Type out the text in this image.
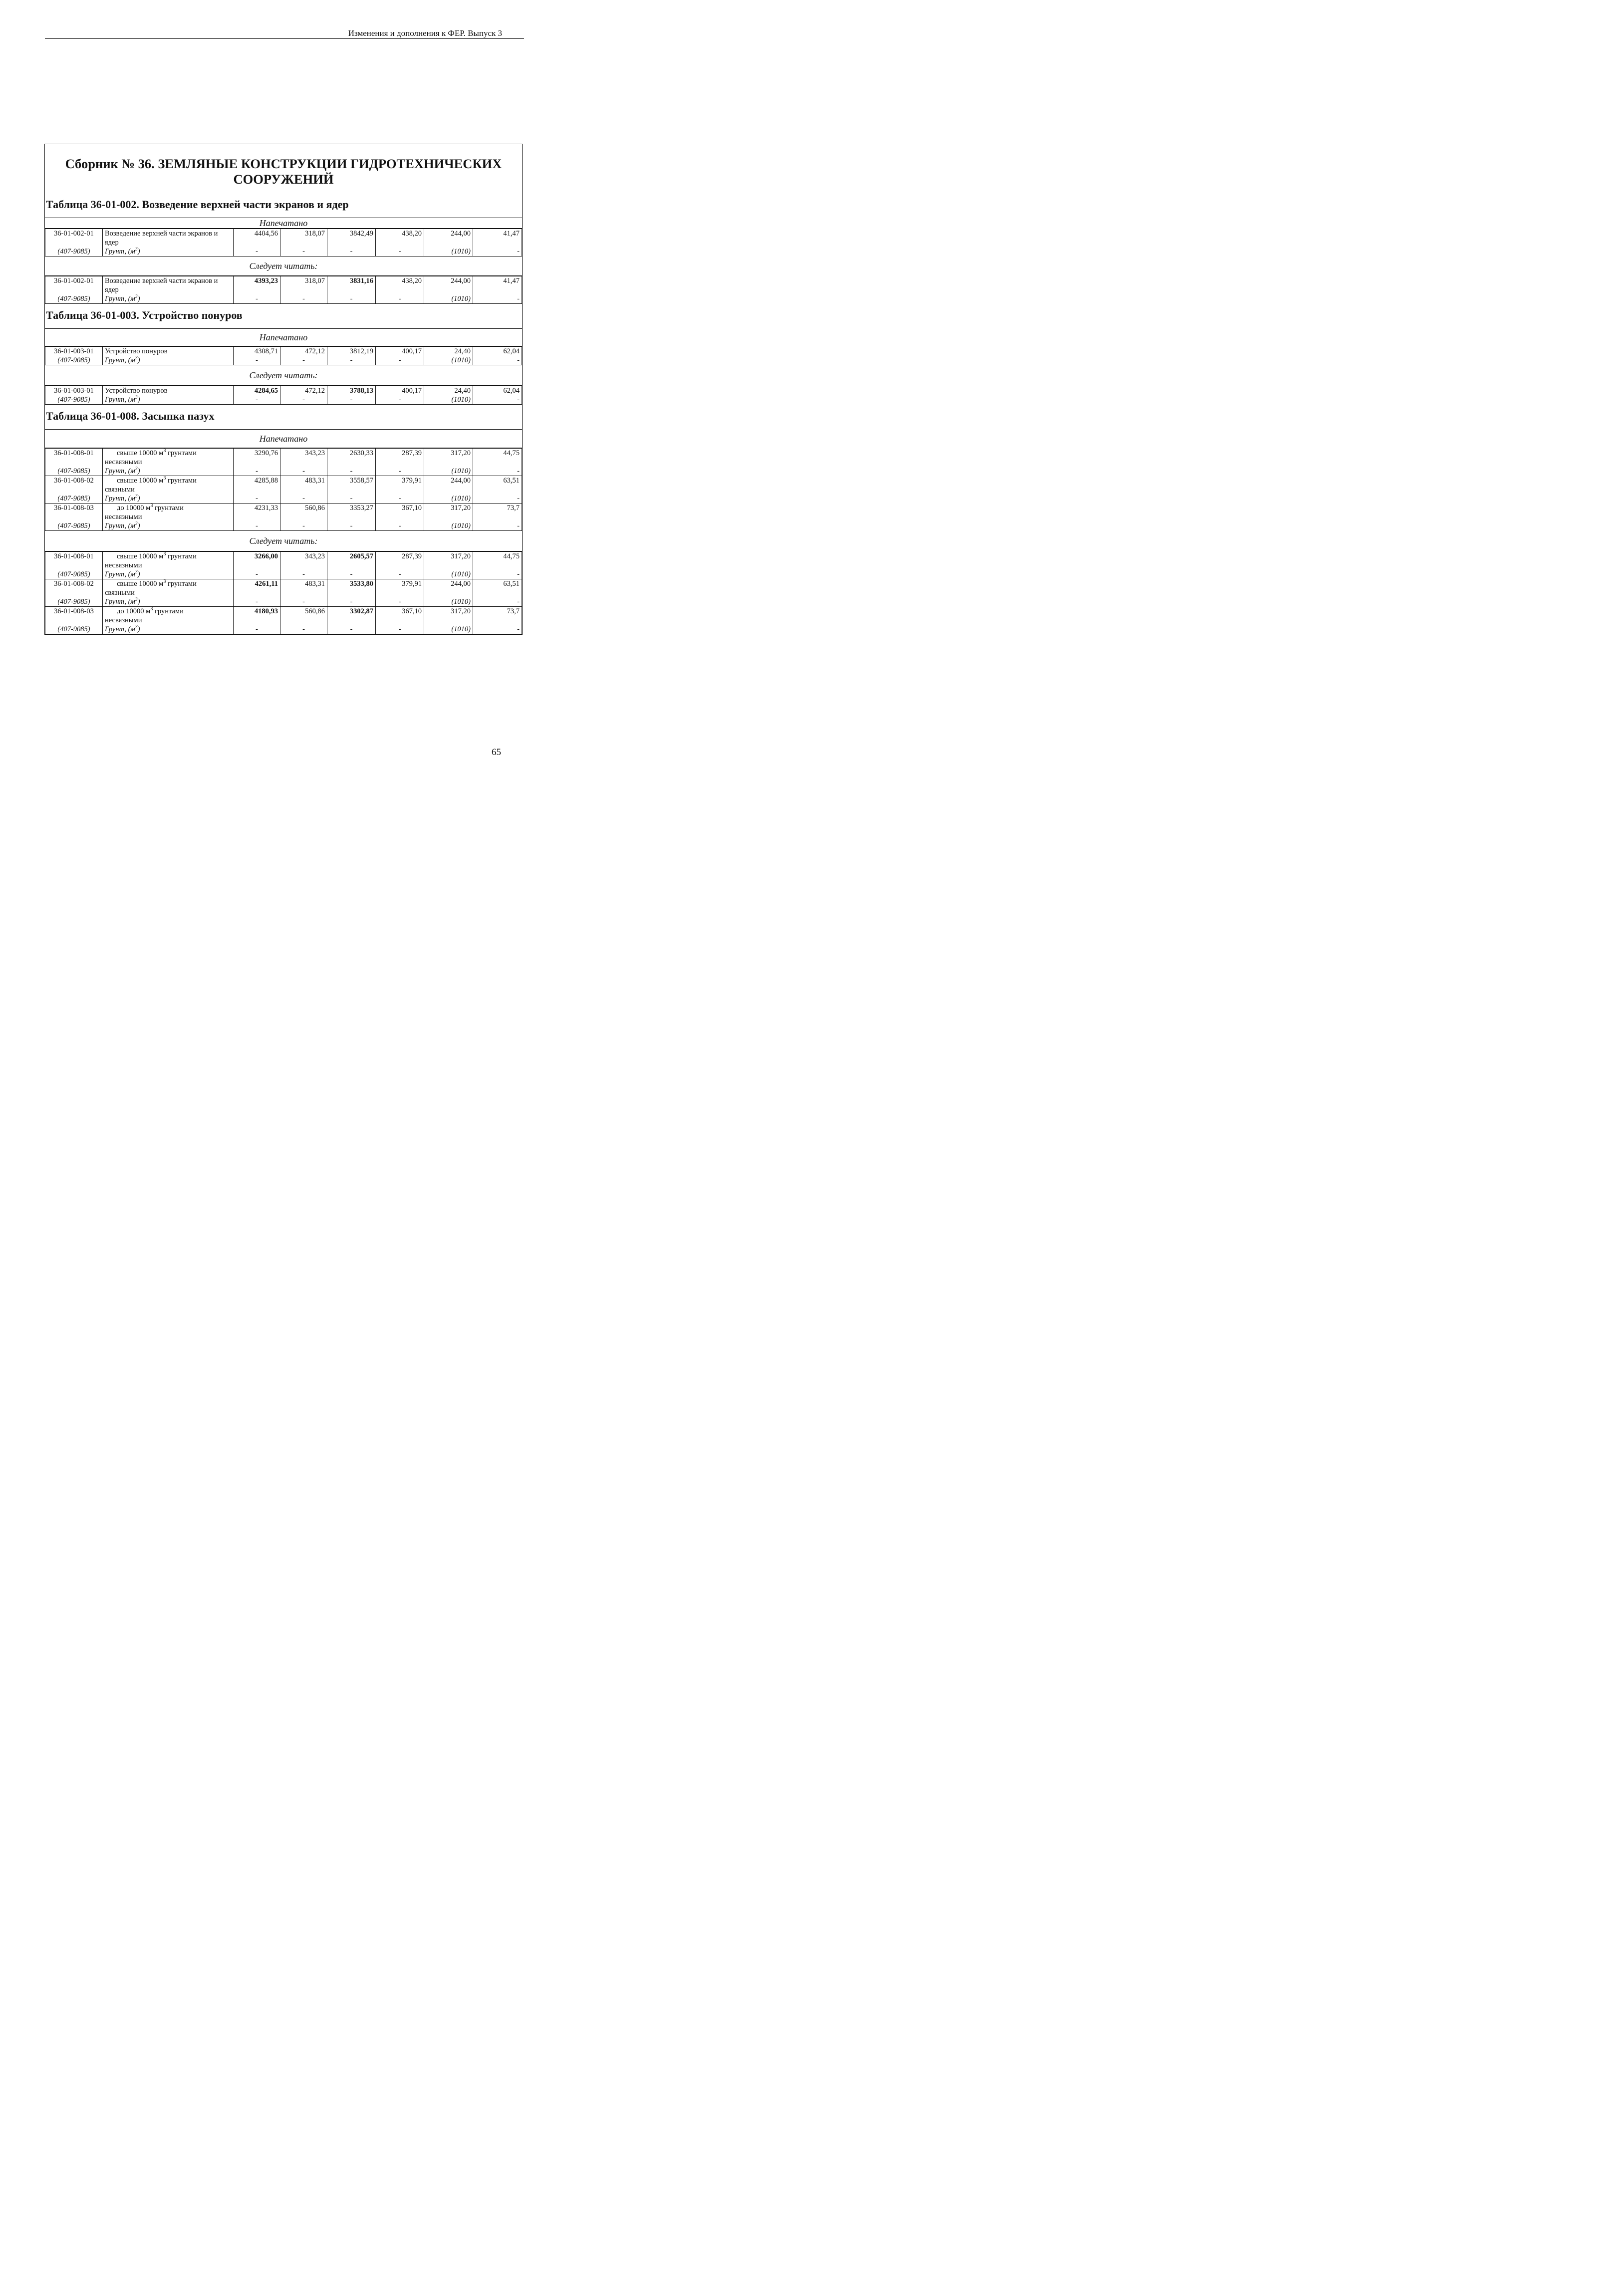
Изменения и дополнения к ФЕР. Выпуск 3
Сборник № 36. ЗЕМЛЯНЫЕ КОНСТРУКЦИИ ГИДРОТЕХНИЧЕСКИХ СООРУЖЕНИЙ
Таблица 36-01-002. Возведение верхней части экранов и ядер
Напечатано
36-01-002-01	Возведение верхней части экранов и ядер	4404,56	318,07	3842,49	438,20	244,00	41,47
(407-9085)	Грунт, $(м^3)$	-	-	-	-	(1010)	-
Следует читать:
36-01-002-01	Возведение верхней части экранов и ядер	4393,23	318,07	3831,16	438,20	244,00	41,47
(407-9085)	Грунт, $(м^3)$	-	-	-	-	(1010)	-
Таблица 36-01-003. Устройство понуров
Напечатано
36-01-003-01	Устройство понуров	4308,71	472,12	3812,19	400,17	24,40	62,04
(407-9085)	Грунт, $(м^3)$	-	-	-	-	(1010)	-
Следует читать:
36-01-003-01	Устройство понуров	4284,65	472,12	3788,13	400,17	24,40	62,04
(407-9085)	Грунт, $(м^3)$	-	-	-	-	(1010)	-
Таблица 36-01-008. Засыпка пазух
Напечатано
36-01-008-01	свыше 10000 $м^3$ грунтами
несвязными	3290,76	343,23	2630,33	287,39	317,20	44,75
(407-9085)	Грунт, $(м^3)$	-	-	-	-	(1010)	-
36-01-008-02	свыше 10000 $м^3$ грунтами
связными	4285,88	483,31	3558,57	379,91	244,00	63,51
(407-9085)	Грунт, $(м^3)$	-	-	-	-	(1010)	-
36-01-008-03	до 10000 $м^3$ грунтами
несвязными	4231,33	560,86	3353,27	367,10	317,20	73,7
(407-9085)	Грунт, $(м^3)$	-	-	-	-	(1010)	-
Следует читать:
36-01-008-01	свыше 10000 $м^3$ грунтами
несвязными	3266,00	343,23	2605,57	287,39	317,20	44,75
(407-9085)	Грунт, $(м^3)$	-	-	-	-	(1010)	-
36-01-008-02	свыше 10000 $м^3$ грунтами
связными	4261,11	483,31	3533,80	379,91	244,00	63,51
(407-9085)	Грунт, $(м^3)$	-	-	-	-	(1010)	-
36-01-008-03	до 10000 $м^3$ грунтами
несвязными	4180,93	560,86	3302,87	367,10	317,20	73,7
(407-9085)	Грунт, $(м^3)$	-	-	-	-	(1010)	-
65
